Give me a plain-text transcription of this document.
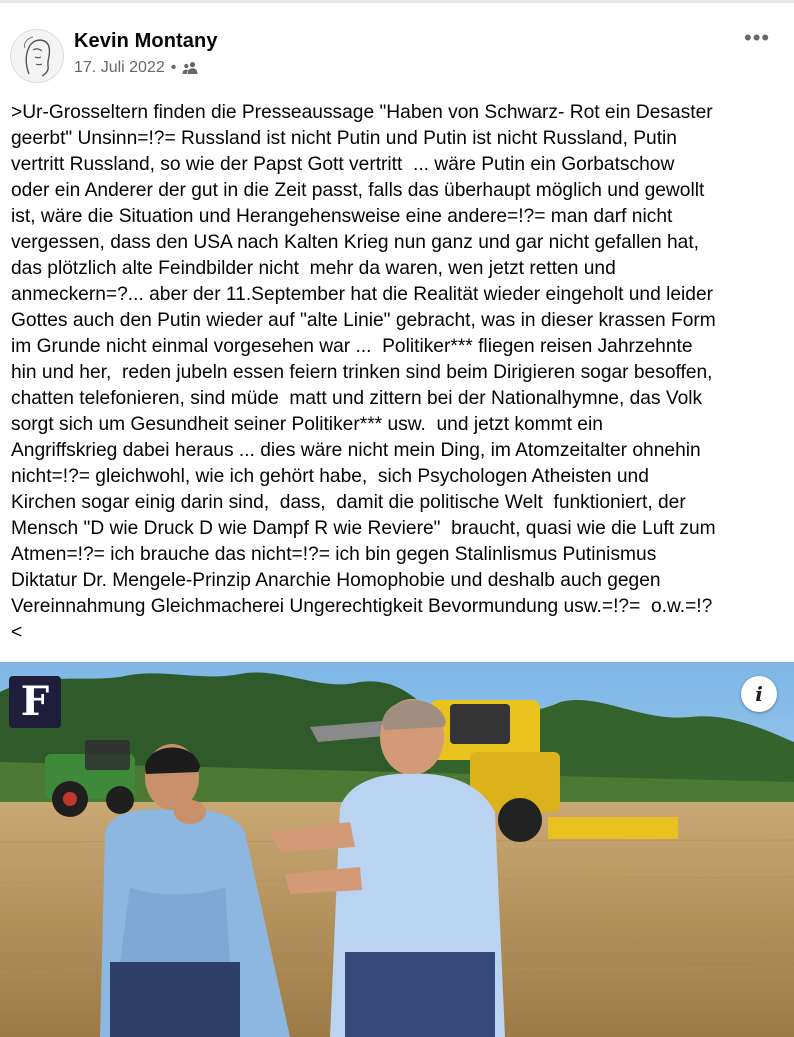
Kevin Montany
17. Juli 2022 •
•••
>Ur-Grosseltern finden die Presseaussage "Haben von Schwarz- Rot ein Desaster
geerbt" Unsinn=!?= Russland ist nicht Putin und Putin ist nicht Russland, Putin
vertritt Russland, so wie der Papst Gott vertritt  ... wäre Putin ein Gorbatschow
oder ein Anderer der gut in die Zeit passt, falls das überhaupt möglich und gewollt
ist, wäre die Situation und Herangehensweise eine andere=!?= man darf nicht
vergessen, dass den USA nach Kalten Krieg nun ganz und gar nicht gefallen hat,
das plötzlich alte Feindbilder nicht  mehr da waren, wen jetzt retten und
anmeckern=?... aber der 11.September hat die Realität wieder eingeholt und leider
Gottes auch den Putin wieder auf "alte Linie" gebracht, was in dieser krassen Form
im Grunde nicht einmal vorgesehen war ...  Politiker*** fliegen reisen Jahrzehnte
hin und her,  reden jubeln essen feiern trinken sind beim Dirigieren sogar besoffen,
chatten telefonieren, sind müde  matt und zittern bei der Nationalhymne, das Volk
sorgt sich um Gesundheit seiner Politiker*** usw.  und jetzt kommt ein
Angriffskrieg dabei heraus ... dies wäre nicht mein Ding, im Atomzeitalter ohnehin
nicht=!?= gleichwohl, wie ich gehört habe,  sich Psychologen Atheisten und
Kirchen sogar einig darin sind,  dass,  damit die politische Welt  funktioniert, der
Mensch "D wie Druck D wie Dampf R wie Reviere"  braucht, quasi wie die Luft zum
Atmen=!?= ich brauche das nicht=!?= ich bin gegen Stalinlismus Putinismus
Diktatur Dr. Mengele-Prinzip Anarchie Homophobie und deshalb auch gegen
Vereinnahmung Gleichmacherei Ungerechtigkeit Bevormundung usw.=!?=  o.w.=!?
<
F	i
